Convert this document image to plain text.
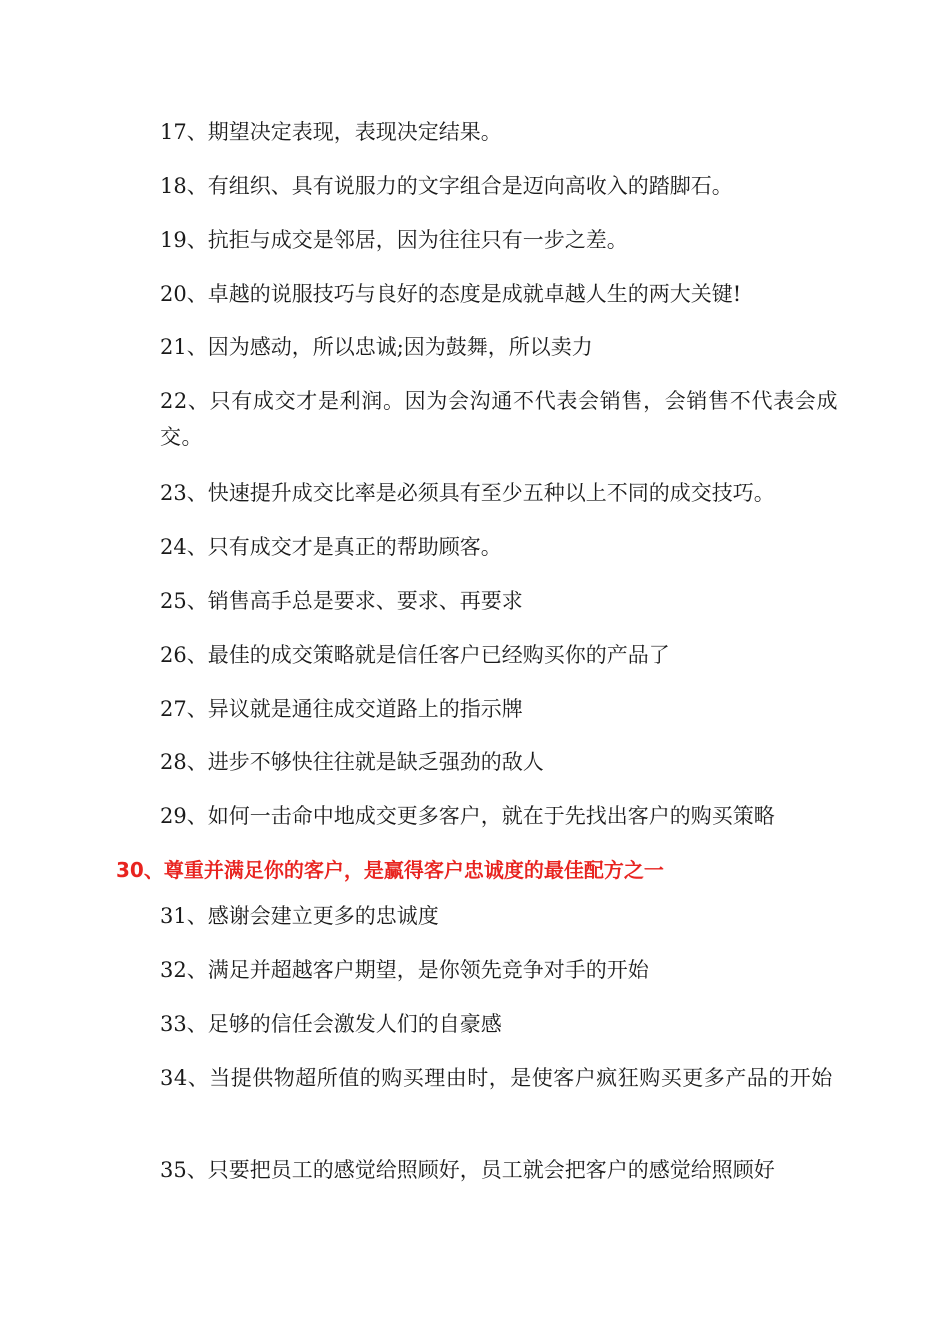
17、期望决定表现，表现决定结果。
18、有组织、具有说服力的文字组合是迈向高收入的踏脚石。
19、抗拒与成交是邻居，因为往往只有一步之差。
20、卓越的说服技巧与良好的态度是成就卓越人生的两大关键!
21、因为感动，所以忠诚;因为鼓舞，所以卖力
22、只有成交才是利润。因为会沟通不代表会销售，会销售不代表会成交。
23、快速提升成交比率是必须具有至少五种以上不同的成交技巧。
24、只有成交才是真正的帮助顾客。
25、销售高手总是要求、要求、再要求
26、最佳的成交策略就是信任客户已经购买你的产品了
27、异议就是通往成交道路上的指示牌
28、进步不够快往往就是缺乏强劲的敌人
29、如何一击命中地成交更多客户，就在于先找出客户的购买策略
30、尊重并满足你的客户，是赢得客户忠诚度的最佳配方之一
31、感谢会建立更多的忠诚度
32、满足并超越客户期望，是你领先竞争对手的开始
33、足够的信任会激发人们的自豪感
34、当提供物超所值的购买理由时，是使客户疯狂购买更多产品的开始
35、只要把员工的感觉给照顾好，员工就会把客户的感觉给照顾好
